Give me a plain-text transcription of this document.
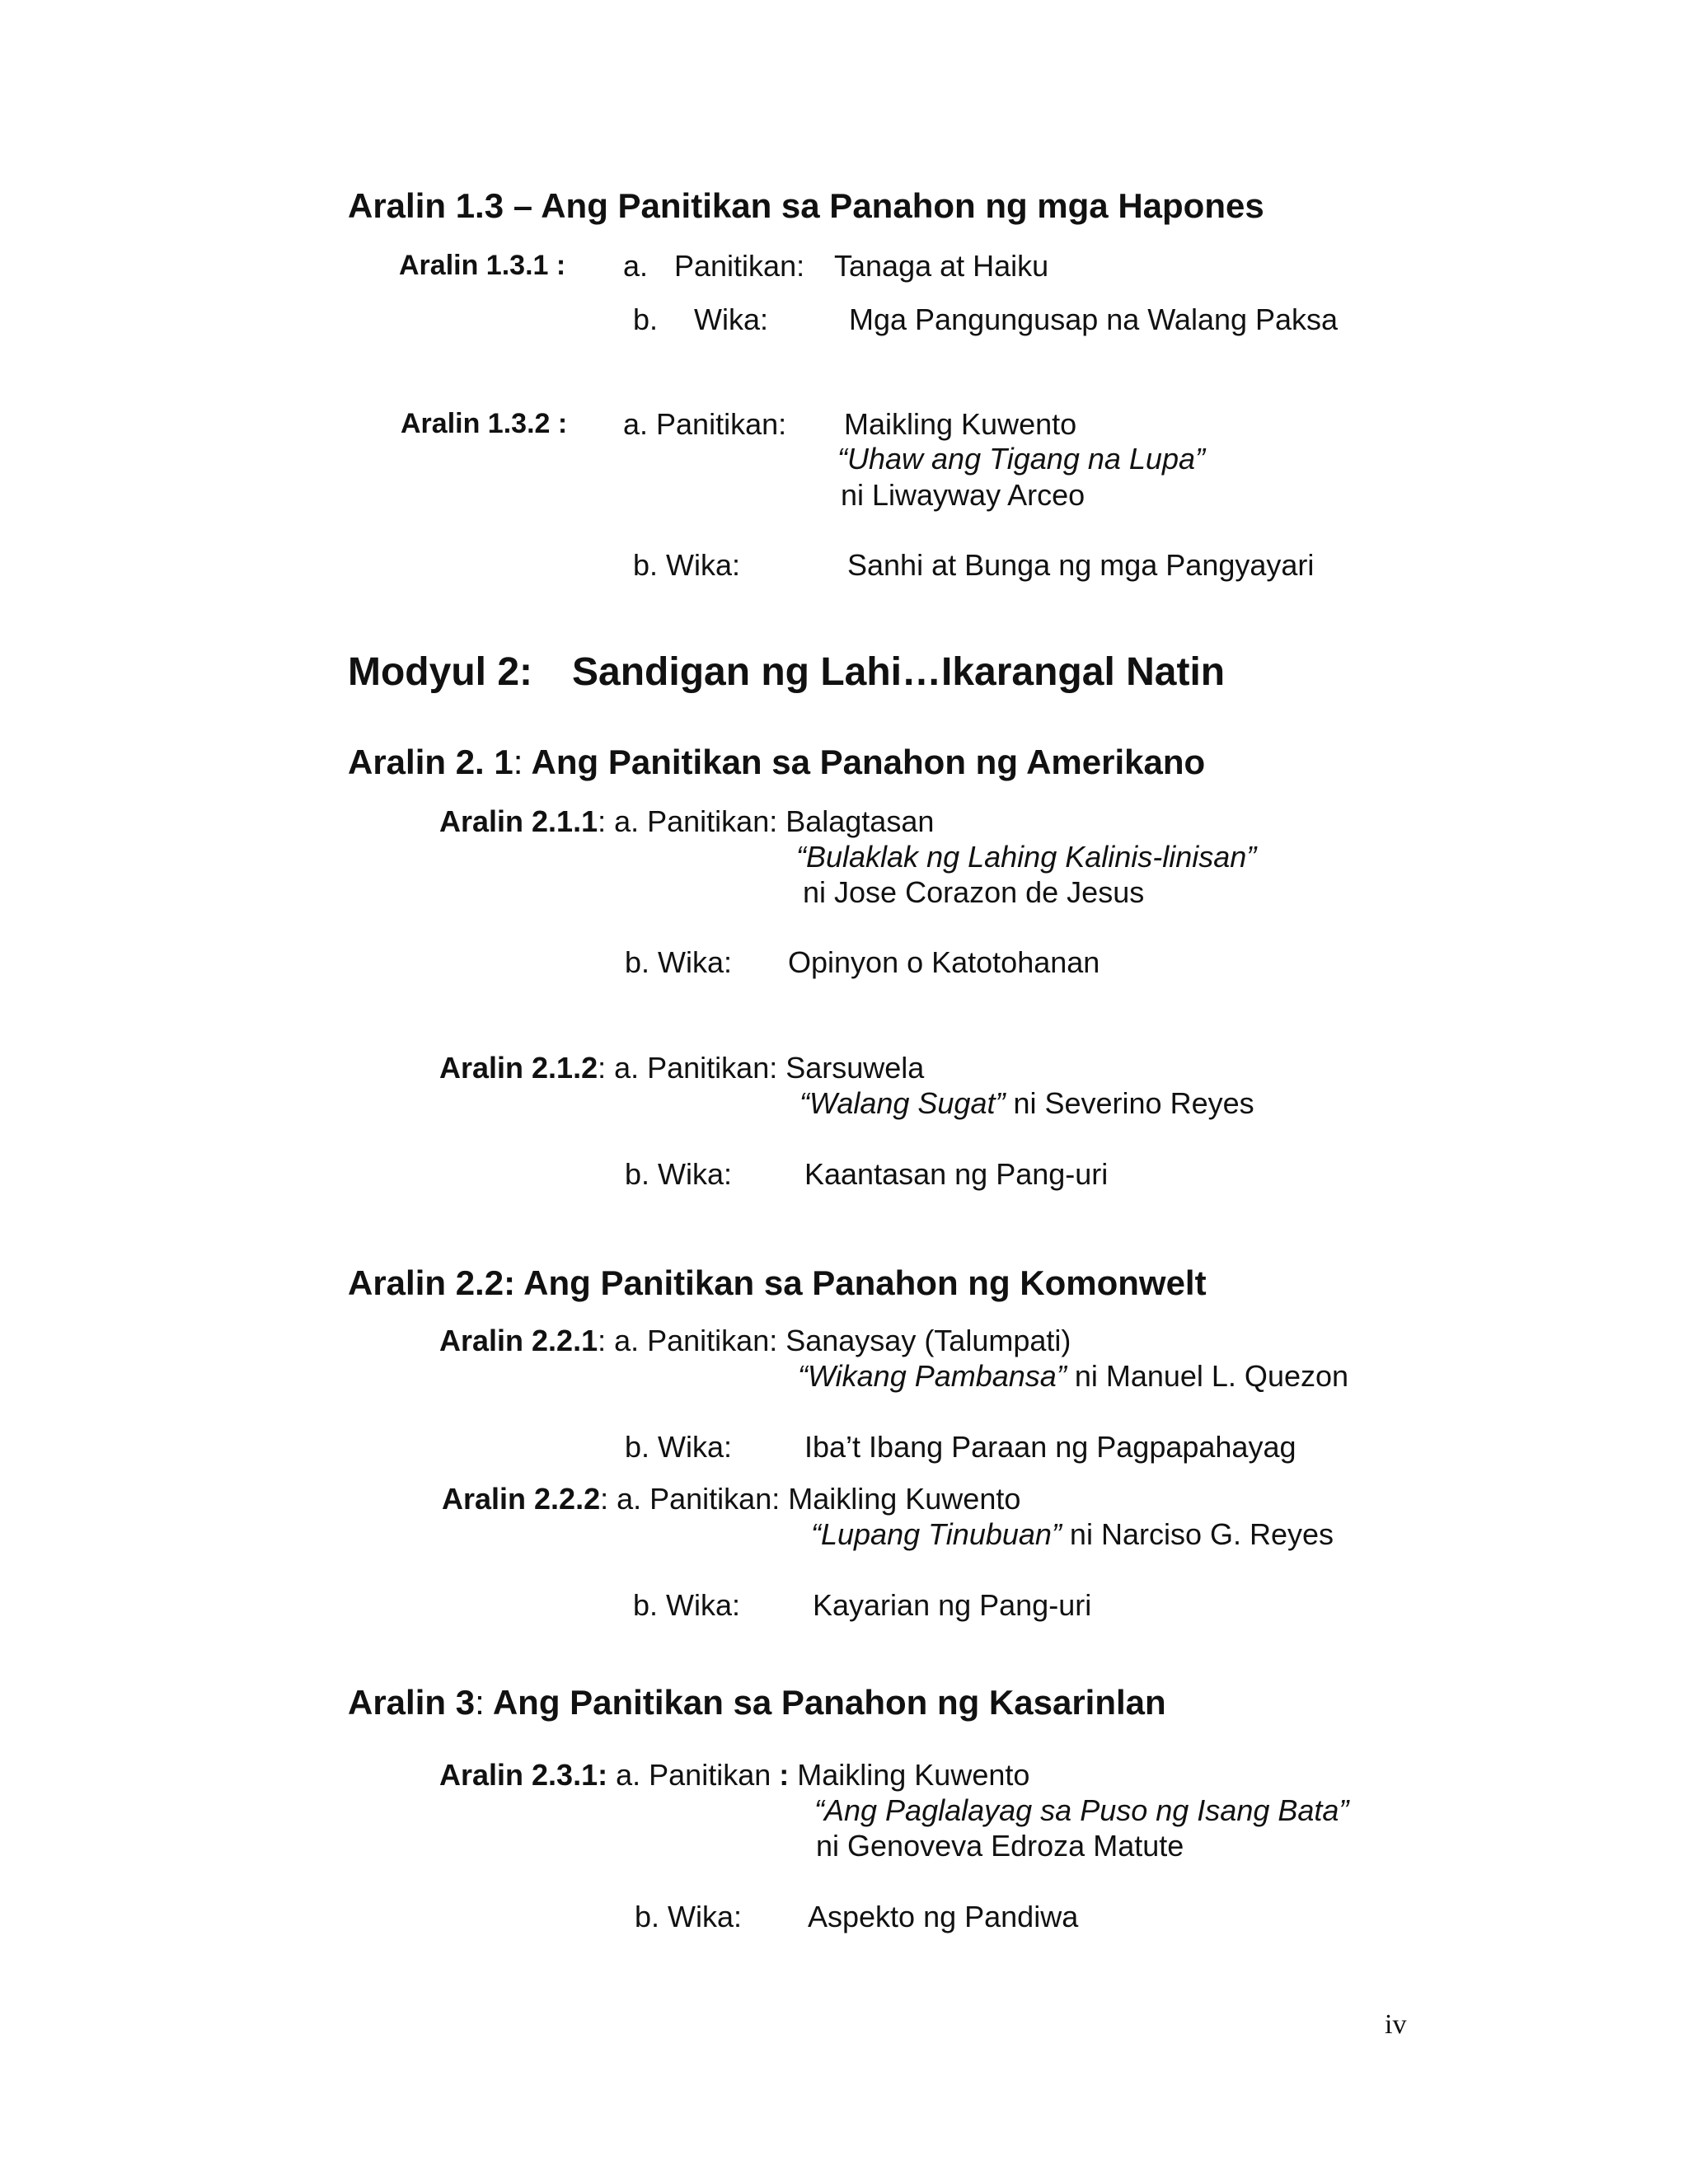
Aralin 1.3 – Ang Panitikan sa Panahon ng mga Hapones
Aralin 1.3.1 : a. Panitikan: Tanaga at Haiku
b. Wika:	Mga Pangungusap na Walang Paksa
Aralin 1.3.2 : a. Panitikan: Maikling Kuwento
“Uhaw ang Tigang na Lupa”
ni Liwayway Arceo
b. Wika:	Sanhi at Bunga ng mga Pangyayari
Modyul 2: Sandigan ng Lahi…Ikarangal Natin
Aralin 2. 1: Ang Panitikan sa Panahon ng Amerikano
Aralin 2.1.1: a. Panitikan: Balagtasan
“Bulaklak ng Lahing Kalinis-linisan”
ni Jose Corazon de Jesus
b. Wika: Opinyon o Katotohanan
Aralin 2.1.2: a. Panitikan: Sarsuwela
“Walang Sugat” ni Severino Reyes
b. Wika: Kaantasan ng Pang-uri
Aralin 2.2: Ang Panitikan sa Panahon ng Komonwelt
Aralin 2.2.1: a. Panitikan: Sanaysay (Talumpati)
“Wikang Pambansa” ni Manuel L. Quezon
b. Wika: Iba’t Ibang Paraan ng Pagpapahayag
Aralin 2.2.2: a. Panitikan: Maikling Kuwento
“Lupang Tinubuan” ni Narciso G. Reyes
b. Wika: Kayarian ng Pang-uri
Aralin 3: Ang Panitikan sa Panahon ng Kasarinlan
Aralin 2.3.1: a. Panitikan : Maikling Kuwento
“Ang Paglalayag sa Puso ng Isang Bata”
ni Genoveva Edroza Matute
b. Wika: Aspekto ng Pandiwa
iv
